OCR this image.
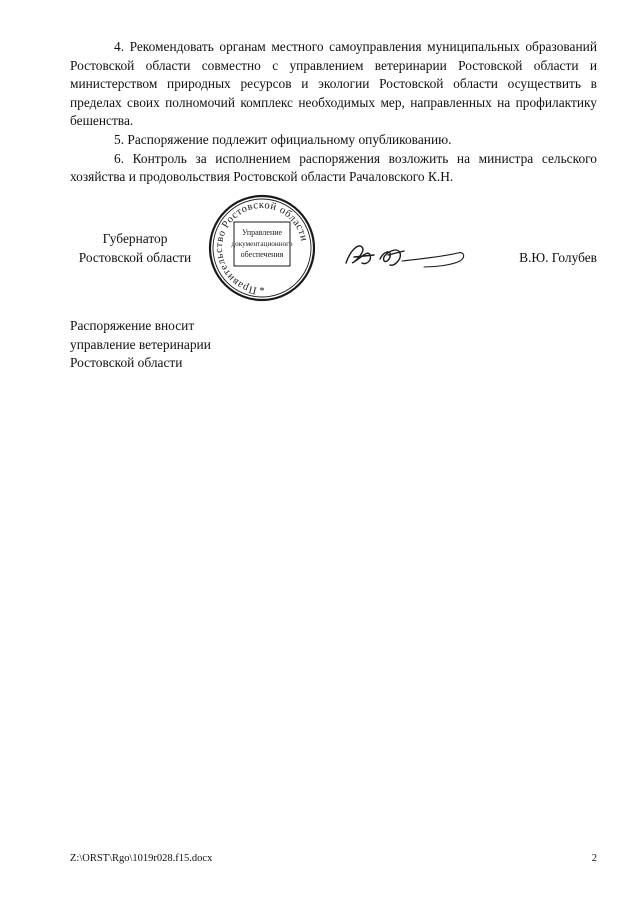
4. Рекомендовать органам местного самоуправления муниципальных образований Ростовской области совместно с управлением ветеринарии Ростовской области и министерством природных ресурсов и экологии Ростовской области осуществить в пределах своих полномочий комплекс необходимых мер, направленных на профилактику бешенства.

5. Распоряжение подлежит официальному опубликованию.

6. Контроль за исполнением распоряжения возложить на министра сельского хозяйства и продовольствия Ростовской области Рачаловского К.Н.

Губернатор
Ростовской области
Правительство Ростовской области
Управление
документационного
обеспечения
*
В.Ю. Голубев
Распоряжение вносит
управление ветеринарии
Ростовской области
Z:\ORST\Rgo\1019r028.f15.docx	2
